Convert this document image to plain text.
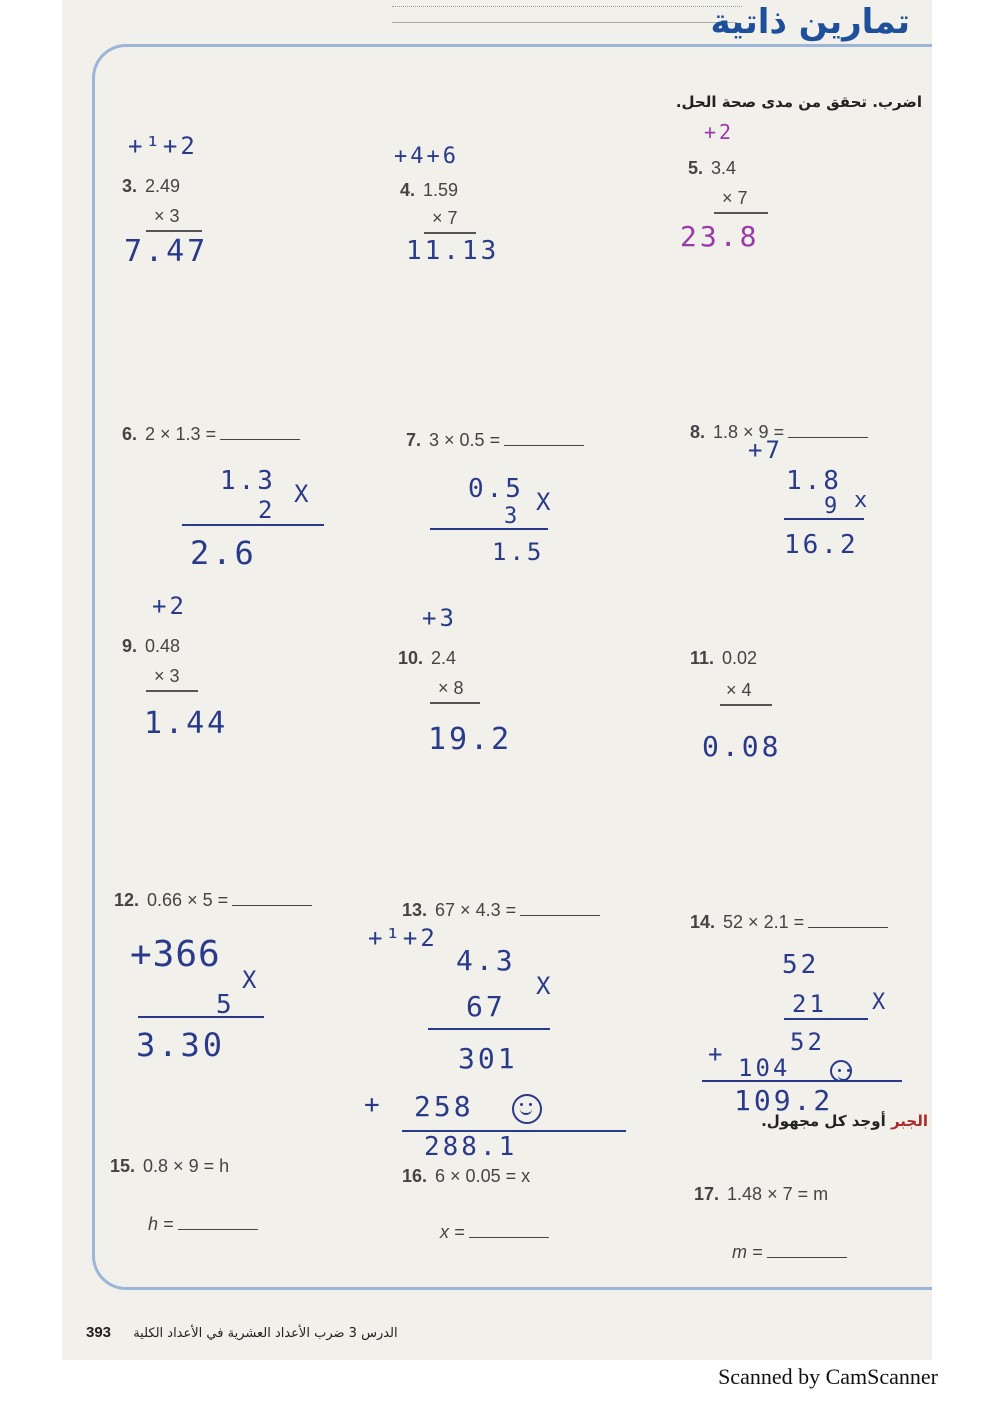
تمارين ذاتية
اضرب. تحقق من مدى صحة الحل.
3. 2.49
× 3
4. 1.59
× 7
5. 3.4
× 7
6. 2 × 1.3 =	7. 3 × 0.5 =	8. 1.8 × 9 =
9. 0.48
× 3
10. 2.4
× 8
11. 0.02
× 4
12. 0.66 × 5 =	13. 67 × 4.3 =
14. 52 × 2.1 =
الجبر أوجد كل مجهول.
15. 0.8 × 9 = h
h =
16. 6 × 0.05 = x
x =
17. 1.48 × 7 = m
m =
+¹+2
7.47
+4+6
11.13
+2
23.8
1.3
2
X
2.6
0.5
3
X
1.5
+7
1.8
9 x
16.2
+2
1.44
+3
19.2	0.08
+366
5
X
3.30
+¹+2
4.3
67
X
301
+ 258
288.1
52
21 X
52
+ 104
109.2
393 الدرس 3 ضرب الأعداد العشرية في الأعداد الكلية
Scanned by CamScanner
